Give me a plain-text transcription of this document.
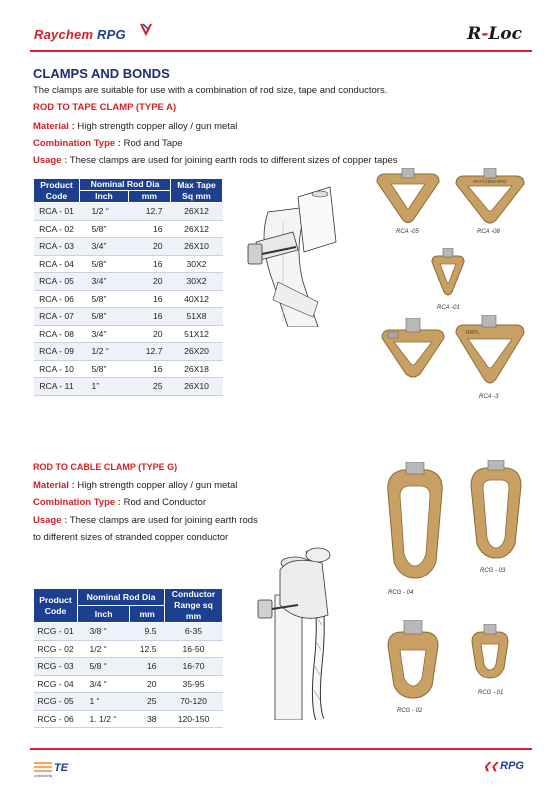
Raychem RPG	R-Loc
CLAMPS AND BONDS
The clamps are suitable for use with a combination of rod size, tape and conductors.
ROD TO TAPE CLAMP (TYPE A)
Material : High strength copper alloy / gun metal
Combination Type : Rod and Tape
Usage : These clamps are used for joining earth rods to different sizes of copper tapes
Product Code	Nominal Rod Dia		Max Tape Sq mm
	Inch	mm	
RCA - 01	1/2 “	12.7	26X12
RCA - 02	5/8”	16	26X12
RCA - 03	3/4”	20	26X10
RCA - 04	5/8”	16	30X2
RCA - 05	3/4”	20	30X2
RCA - 06	5/8”	16	40X12
RCA - 07	5/8”	16	51X8
RCA - 08	3/4”	20	51X12
RCA - 09	1/2 “	12.7	26X20
RCA - 10	5/8”	16	26X18
RCA - 11	1”	25	26X10
RAYCHEM RPG
RCA -05	RCA -08
RCA -01
RRPL
RCA -3
ROD TO CABLE CLAMP (TYPE G)
Material : High strength copper alloy / gun metal
Combination Type : Rod and Conductor
Usage : These clamps are used for joining earth rods
to different sizes of stranded copper conductor
Product Code	Nominal Rod Dia		Conductor Range sq mm
	Inch	mm	
RCG - 01	3/8 “	9.5	6-35
RCG - 02	1/2 “	12.5	16-50
RCG - 03	5/8 “	16	16-70
RCG - 04	3/4 “	20	35-95
RCG - 05	1 “	25	70-120
RCG - 06	1. 1/2 “	38	120-150
RCG - 04
RCG - 03
RCG - 02
RCG - 01
TE
connectivity
❮❮ RPG
